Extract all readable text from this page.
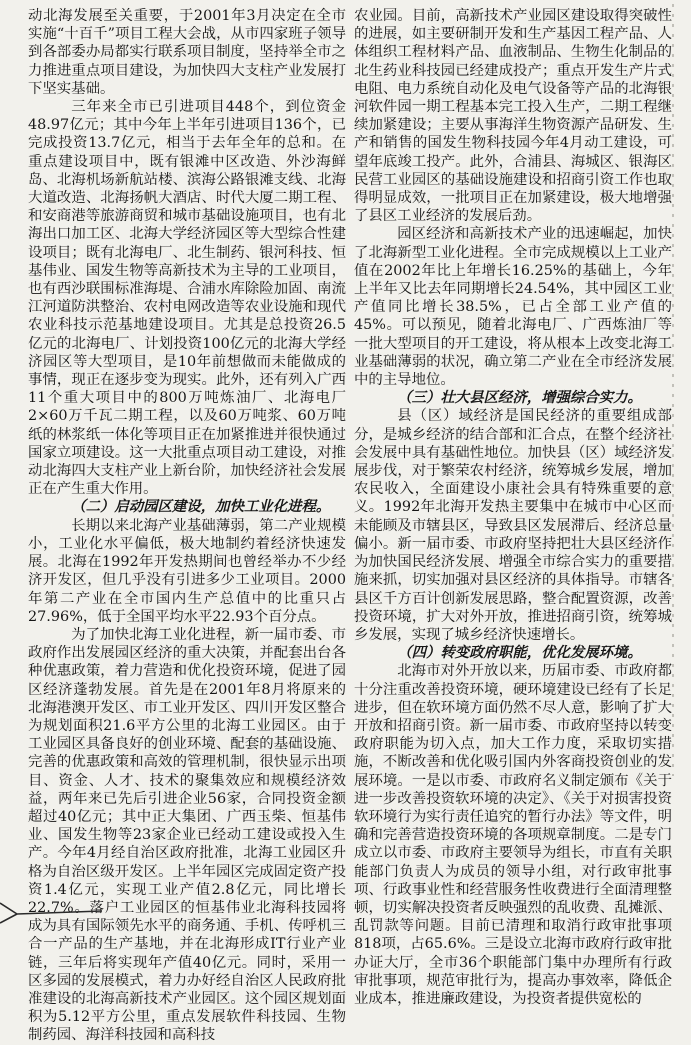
动北海发展至关重要，于2001年3月决定在全市实施“十百千”项目工程大会战，从市四家班子领导到各部委办局都实行联系项目制度，坚持举全市之力推进重点项目建设，为加快四大支柱产业发展打下坚实基础。

三年来全市已引进项目448个，到位资金48.97亿元；其中今年上半年引进项目136个，已完成投资13.7亿元，相当于去年全年的总和。在重点建设项目中，既有银滩中区改造、外沙海鲜岛、北海机场新航站楼、滨海公路银滩支线、北海大道改造、北海扬帆大酒店、时代大厦二期工程、和安商港等旅游商贸和城市基础设施项目，也有北海出口加工区、北海大学经济园区等大型综合性建设项目；既有北海电厂、北生制药、银河科技、恒基伟业、国发生物等高新技术为主导的工业项目，也有西沙联围标准海堤、合浦水库除险加固、南流江河道防洪整治、农村电网改造等农业设施和现代农业科技示范基地建设项目。尤其是总投资26.5亿元的北海电厂、计划投资100亿元的北海大学经济园区等大型项目，是10年前想做而未能做成的事情，现正在逐步变为现实。此外，还有列入广西11个重大项目中的800万吨炼油厂、北海电厂2×60万千瓦二期工程，以及60万吨浆、60万吨纸的林浆纸一体化等项目正在加紧推进并很快通过国家立项建设。这一大批重点项目动工建设，对推动北海四大支柱产业上新台阶，加快经济社会发展正在产生重大作用。

（二）启动园区建设，加快工业化进程。

长期以来北海产业基础薄弱，第二产业规模小，工业化水平偏低，极大地制约着经济快速发展。北海在1992年开发热期间也曾经举办不少经济开发区，但几乎没有引进多少工业项目。2000年第二产业在全市国内生产总值中的比重只占27.96%，低于全国平均水平22.93个百分点。

为了加快北海工业化进程，新一届市委、市政府作出发展园区经济的重大决策，并配套出台各种优惠政策，着力营造和优化投资环境，促进了园区经济蓬勃发展。首先是在2001年8月将原来的北海港澳开发区、市工业开发区、四川开发区整合为规划面积21.6平方公里的北海工业园区。由于工业园区具备良好的创业环境、配套的基础设施、完善的优惠政策和高效的管理机制，很快显示出项目、资金、人才、技术的聚集效应和规模经济效益，两年来已先后引进企业56家，合同投资金额超过40亿元；其中正大集团、广西玉柴、恒基伟业、国发生物等23家企业已经动工建设或投入生产。今年4月经自治区政府批准，北海工业园区升格为自治区级开发区。上半年园区完成固定资产投资1.4亿元，实现工业产值2.8亿元，同比增长22.7%。落户工业园区的恒基伟业北海科技园将成为具有国际领先水平的商务通、手机、传呼机三合一产品的生产基地，并在北海形成IT行业产业链，三年后将实现年产值40亿元。同时，采用一区多园的发展模式，着力办好经自治区人民政府批准建设的北海高新技术产业园区。这个园区规划面积为5.12平方公里，重点发展软件科技园、生物制药园、海洋科技园和高科技

农业园。目前，高新技术产业园区建设取得突破性的进展，如主要研制开发和生产基因工程产品、人体组织工程材料产品、血液制品、生物生化制品的北生药业科技园已经建成投产；重点开发生产片式电阻、电力系统自动化及电气设备等产品的北海银河软件园一期工程基本完工投入生产，二期工程继续加紧建设；主要从事海洋生物资源产品研发、生产和销售的国发生物科技园今年4月动工建设，可望年底竣工投产。此外，合浦县、海城区、银海区民营工业园区的基础设施建设和招商引资工作也取得明显成效，一批项目正在加紧建设，极大地增强了县区工业经济的发展后劲。

园区经济和高新技术产业的迅速崛起，加快了北海新型工业化进程。全市完成规模以上工业产值在2002年比上年增长16.25%的基础上，今年上半年又比去年同期增长24.54%，其中园区工业产值同比增长38.5%，已占全部工业产值的45%。可以预见，随着北海电厂、广西炼油厂等一批大型项目的开工建设，将从根本上改变北海工业基础薄弱的状况，确立第二产业在全市经济发展中的主导地位。

（三）壮大县区经济，增强综合实力。

县（区）域经济是国民经济的重要组成部分，是城乡经济的结合部和汇合点，在整个经济社会发展中具有基础性地位。加快县（区）域经济发展步伐，对于繁荣农村经济，统筹城乡发展，增加农民收入，全面建设小康社会具有特殊重要的意义。1992年北海开发热主要集中在城市中心区而未能顾及市辖县区，导致县区发展滞后、经济总量偏小。新一届市委、市政府坚持把壮大县区经济作为加快国民经济发展、增强全市综合实力的重要措施来抓，切实加强对县区经济的具体指导。市辖各县区千方百计创新发展思路，整合配置资源，改善投资环境，扩大对外开放，推进招商引资，统筹城乡发展，实现了城乡经济快速增长。

（四）转变政府职能，优化发展环境。

北海市对外开放以来，历届市委、市政府都十分注重改善投资环境，硬环境建设已经有了长足进步，但在软环境方面仍然不尽人意，影响了扩大开放和招商引资。新一届市委、市政府坚持以转变政府职能为切入点，加大工作力度，采取切实措施，不断改善和优化吸引国内外客商投资创业的发展环境。一是以市委、市政府名义制定颁布《关于进一步改善投资软环境的决定》、《关于对损害投资软环境行为实行责任追究的暂行办法》等文件，明确和完善营造投资环境的各项规章制度。二是专门成立以市委、市政府主要领导为组长，市直有关职能部门负责人为成员的领导小组，对行政审批事项、行政事业性和经营服务性收费进行全面清理整顿，切实解决投资者反映强烈的乱收费、乱摊派、乱罚款等问题。目前已清理和取消行政审批事项818项，占65.6%。三是设立北海市政府行政审批办证大厅，全市36个职能部门集中办理所有行政审批事项，规范审批行为，提高办事效率，降低企业成本，推进廉政建设，为投资者提供宽松的
